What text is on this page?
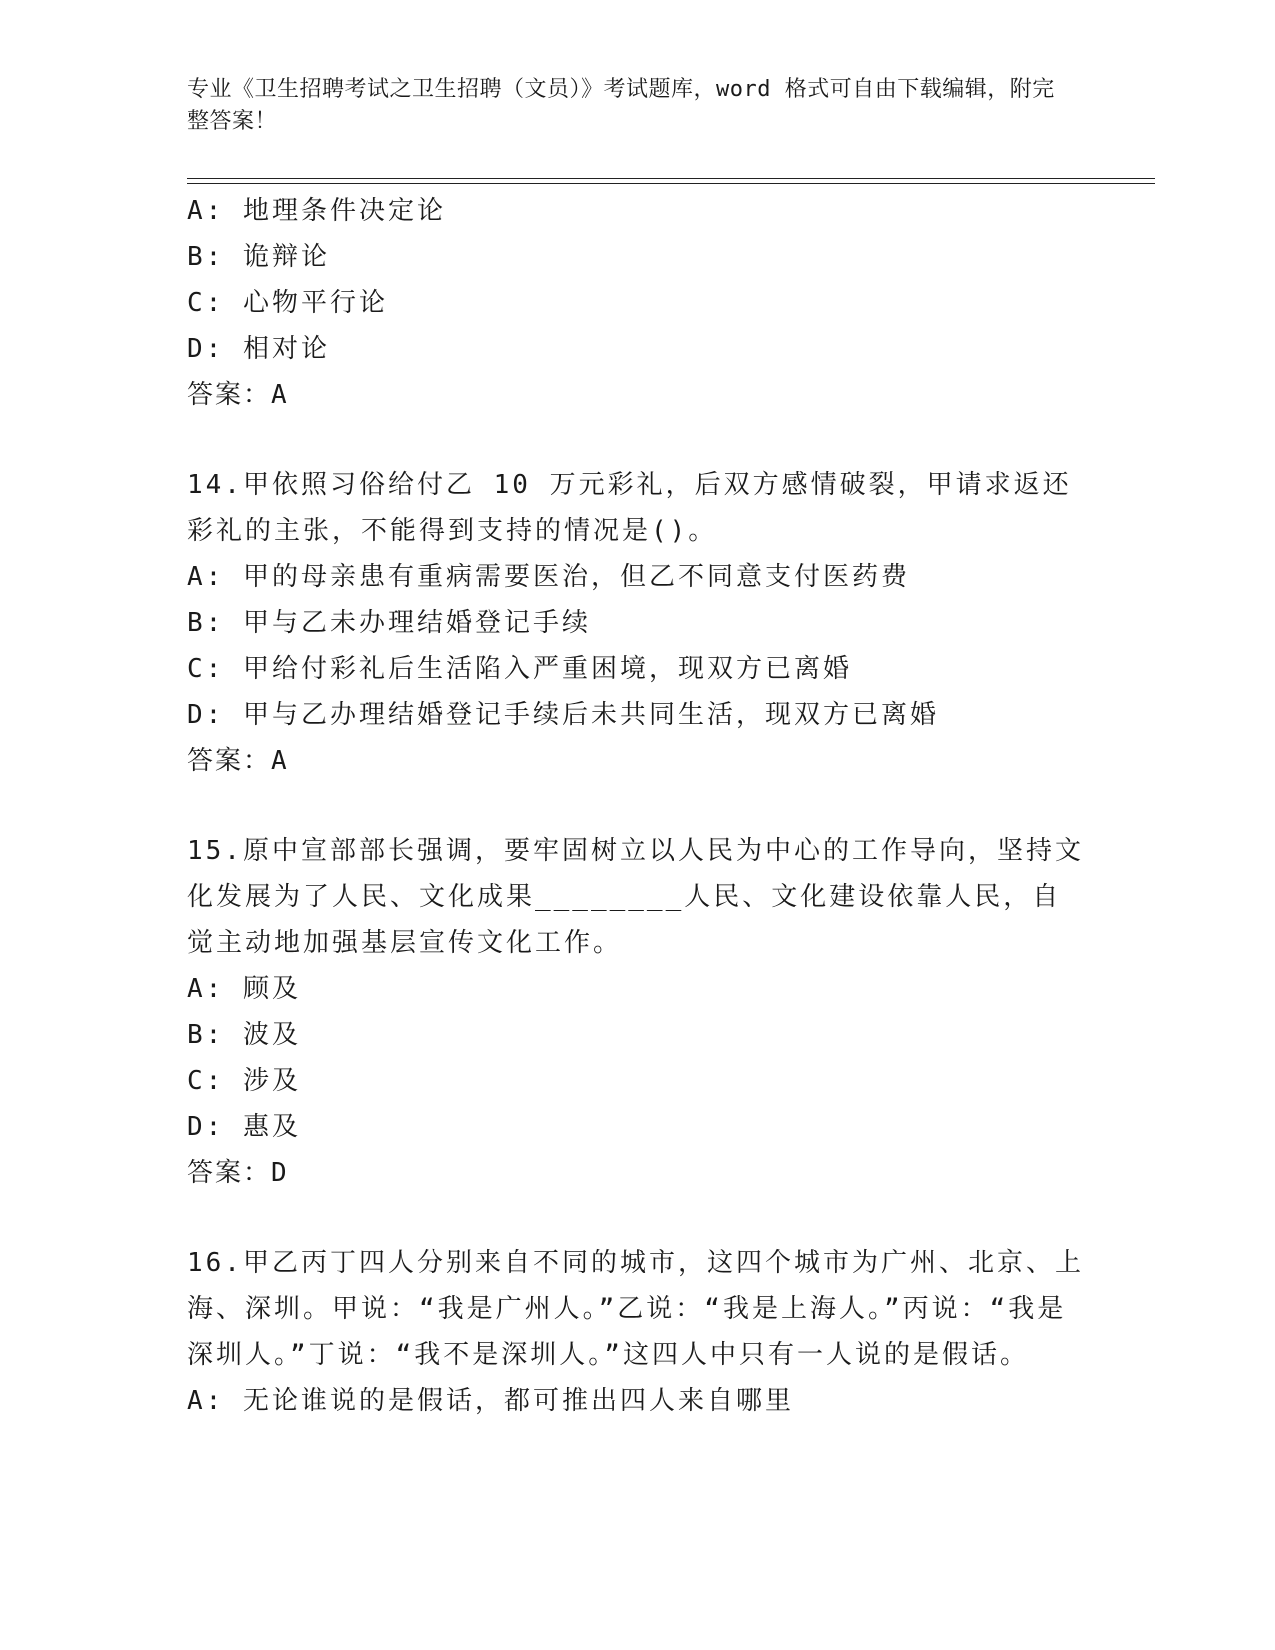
专业《卫生招聘考试之卫生招聘（文员）》考试题库，word 格式可自由下载编辑，附完整答案！
A: 地理条件决定论
B: 诡辩论
C: 心物平行论
D: 相对论
答案：A
14.甲依照习俗给付乙 10 万元彩礼，后双方感情破裂，甲请求返还彩礼的主张，不能得到支持的情况是()。
A: 甲的母亲患有重病需要医治，但乙不同意支付医药费
B: 甲与乙未办理结婚登记手续
C: 甲给付彩礼后生活陷入严重困境，现双方已离婚
D: 甲与乙办理结婚登记手续后未共同生活，现双方已离婚
答案：A
15.原中宣部部长强调，要牢固树立以人民为中心的工作导向，坚持文化发展为了人民、文化成果________人民、文化建设依靠人民，自觉主动地加强基层宣传文化工作。
A: 顾及
B: 波及
C: 涉及
D: 惠及
答案：D
16.甲乙丙丁四人分别来自不同的城市，这四个城市为广州、北京、上海、深圳。甲说：“我是广州人。”乙说：“我是上海人。”丙说：“我是深圳人。”丁说：“我不是深圳人。”这四人中只有一人说的是假话。
A: 无论谁说的是假话，都可推出四人来自哪里
